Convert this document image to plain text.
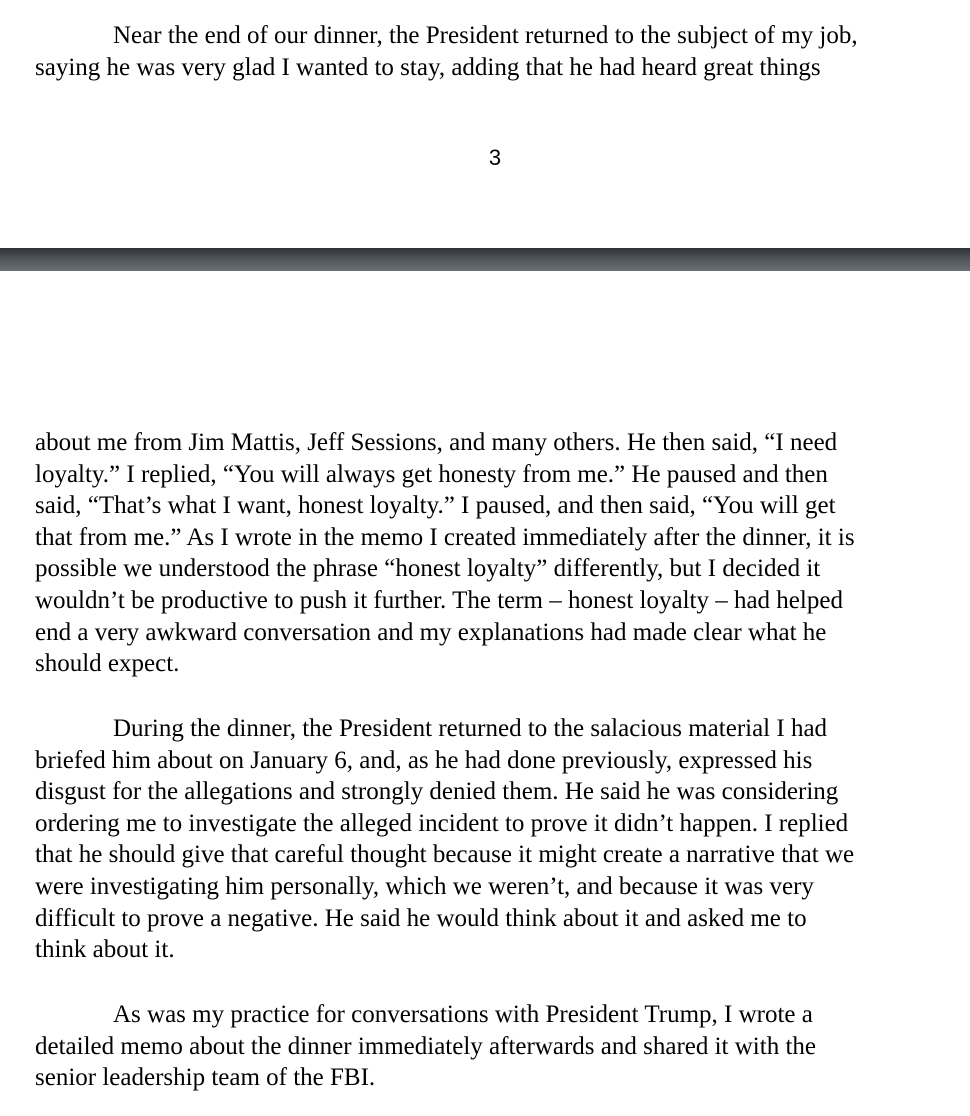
Near the end of our dinner, the President returned to the subject of my job,
saying he was very glad I wanted to stay, adding that he had heard great things

3

about me from Jim Mattis, Jeff Sessions, and many others. He then said, “I need
loyalty.” I replied, “You will always get honesty from me.” He paused and then
said, “That’s what I want, honest loyalty.” I paused, and then said, “You will get
that from me.” As I wrote in the memo I created immediately after the dinner, it is
possible we understood the phrase “honest loyalty” differently, but I decided it
wouldn’t be productive to push it further. The term – honest loyalty – had helped
end a very awkward conversation and my explanations had made clear what he
should expect.

During the dinner, the President returned to the salacious material I had
briefed him about on January 6, and, as he had done previously, expressed his
disgust for the allegations and strongly denied them. He said he was considering
ordering me to investigate the alleged incident to prove it didn’t happen. I replied
that he should give that careful thought because it might create a narrative that we
were investigating him personally, which we weren’t, and because it was very
difficult to prove a negative. He said he would think about it and asked me to
think about it.

As was my practice for conversations with President Trump, I wrote a
detailed memo about the dinner immediately afterwards and shared it with the
senior leadership team of the FBI.
